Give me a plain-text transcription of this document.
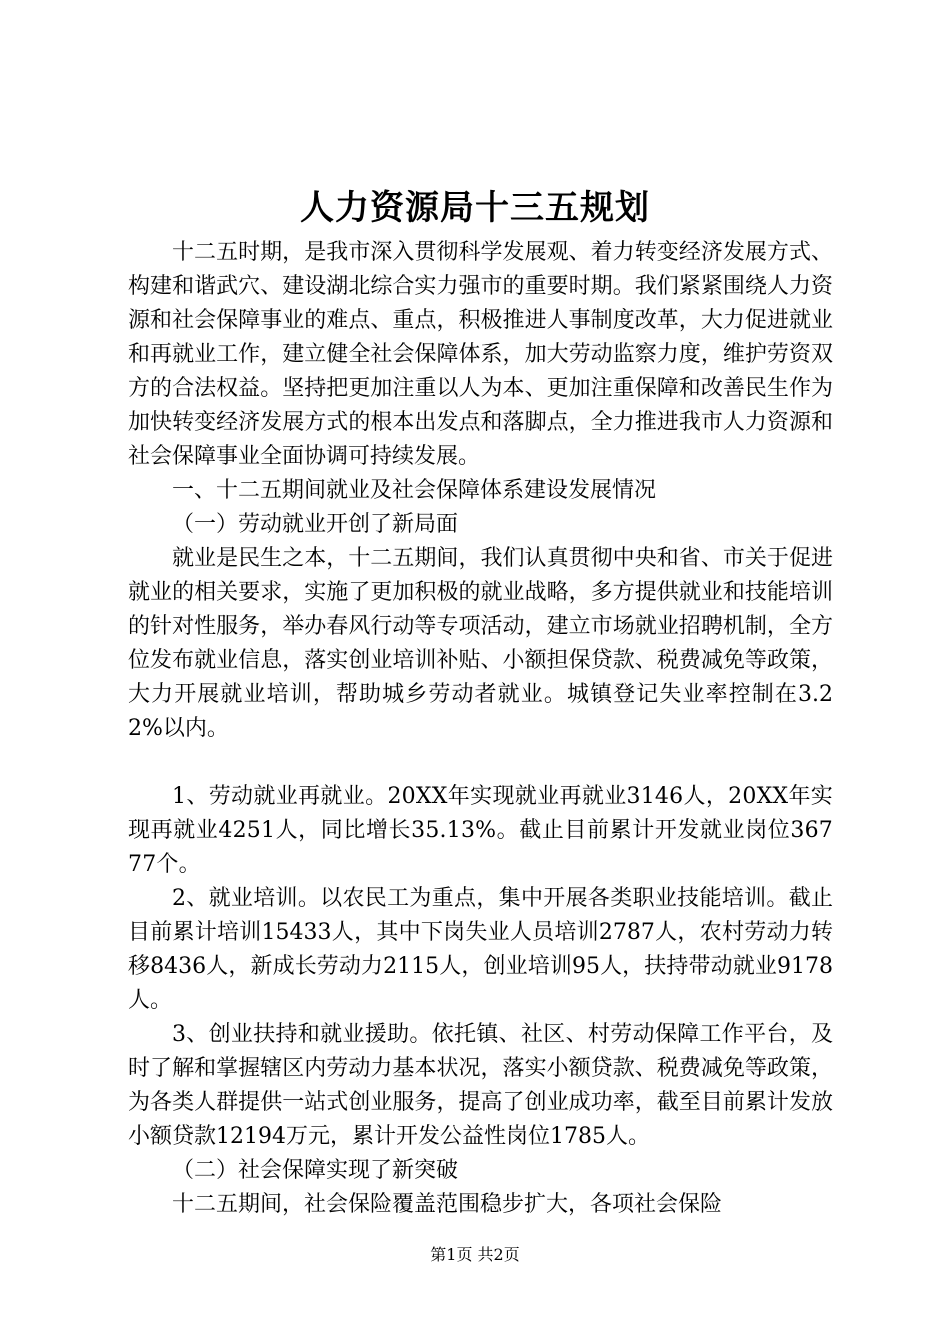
人力资源局十三五规划

十二五时期，是我市深入贯彻科学发展观、着力转变经济发展方式、构建和谐武穴、建设湖北综合实力强市的重要时期。我们紧紧围绕人力资源和社会保障事业的难点、重点，积极推进人事制度改革，大力促进就业和再就业工作，建立健全社会保障体系，加大劳动监察力度，维护劳资双方的合法权益。坚持把更加注重以人为本、更加注重保障和改善民生作为加快转变经济发展方式的根本出发点和落脚点，全力推进我市人力资源和社会保障事业全面协调可持续发展。

一、十二五期间就业及社会保障体系建设发展情况

（一）劳动就业开创了新局面

就业是民生之本，十二五期间，我们认真贯彻中央和省、市关于促进就业的相关要求，实施了更加积极的就业战略，多方提供就业和技能培训的针对性服务，举办春风行动等专项活动，建立市场就业招聘机制，全方位发布就业信息，落实创业培训补贴、小额担保贷款、税费减免等政策，大力开展就业培训，帮助城乡劳动者就业。城镇登记失业率控制在3.22%以内。

1、劳动就业再就业。20XX年实现就业再就业3146人，20XX年实现再就业4251人，同比增长35.13%。截止目前累计开发就业岗位36777个。

2、就业培训。以农民工为重点，集中开展各类职业技能培训。截止目前累计培训15433人，其中下岗失业人员培训2787人，农村劳动力转移8436人，新成长劳动力2115人，创业培训95人，扶持带动就业9178人。

3、创业扶持和就业援助。依托镇、社区、村劳动保障工作平台，及时了解和掌握辖区内劳动力基本状况，落实小额贷款、税费减免等政策，为各类人群提供一站式创业服务，提高了创业成功率，截至目前累计发放小额贷款12194万元，累计开发公益性岗位1785人。

（二）社会保障实现了新突破

十二五期间，社会保险覆盖范围稳步扩大，各项社会保险

第1页 共2页
